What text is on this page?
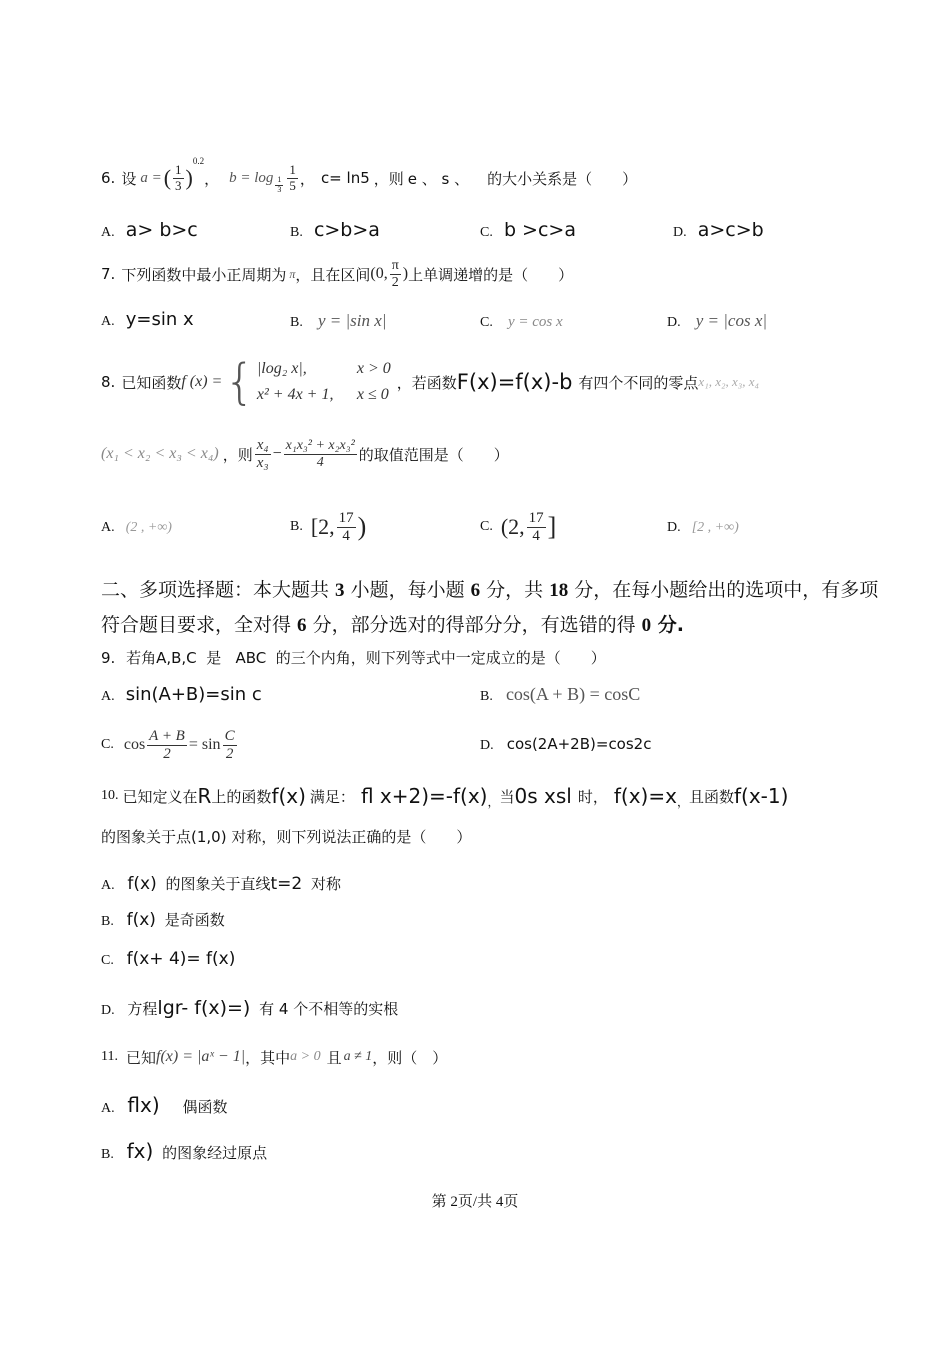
6. 设 a = ( $\frac{1}{3}$ )
0.2
， $b = \log \frac{1}{3} \frac{1}{5}$ ， c= ln5 ，则 e 、 s 、 的大小关系是（　　）
A. a> b>c	B. c>b>a	C. b >c>a	D. a>c>b
7. 下列函数中最小正周期为 π ，且在区间 (0, $\frac{\pi}{2}$ ) 上单调递增的是（　　）
A. y=sin x	B. y = |sin x|	C. y = cos x	D. y = |cos x|
8. 已知函数 f (x) = { |log₂ x|,	x > 0
x² + 4x + 1, x ≤ 0
，若函数 F(x)=f(x)-b 有四个不同的零点 x₁, x₂, x₃, x₄
(x₁ < x₂ < x₃ < x₄) ，则 $\frac{\text{x₄}}{\text{x₃}} - \frac{\text{x₁x₃² + x₂x₃²}}{4}$ 的取值范围是（　　）
A. (2 , +∞)	B. [2, $\frac{17}{4}$ )	C. (2, $\frac{17}{4}$ ]	D. [2 , +∞)
二、多项选择题：本大题共 3 小题，每小题 6 分，共 18 分，在每小题给出的选项中，有多项
符合题目要求，全对得 6 分，部分选对的得部分分，有选错的得 0 分.
9. 若角A,B,C  是   ABC  的三个内角，则下列等式中一定成立的是（　　）
A. sin(A+B)=sin c	B. cos(A + B) = cosC
C. $\cos \frac{A + B}{2} = \sin \frac{C}{2}$	D. cos(2A+2B)=cos2c
10. 已知定义在 R 上的函数 f(x) 满足： fl x+2)=-f(x) ， 当 0s xsl 时， f(x)=x ， 且函数 f(x-1)
的图象关于点(1,0) 对称，则下列说法正确的是（　　）
A. f(x) 的图象关于直线t=2 对称
B. f(x) 是奇函数
C. f(x+ 4)= f(x)
D. 方程lgr- f(x)=) 有 4 个不相等的实根
11. 已知 f(x) = |aˣ − 1| ，其中 a > 0 且 a ≠ 1 ，则（　）
A. flx) 偶函数
B. fx) 的图象经过原点
第 2页/共 4页
